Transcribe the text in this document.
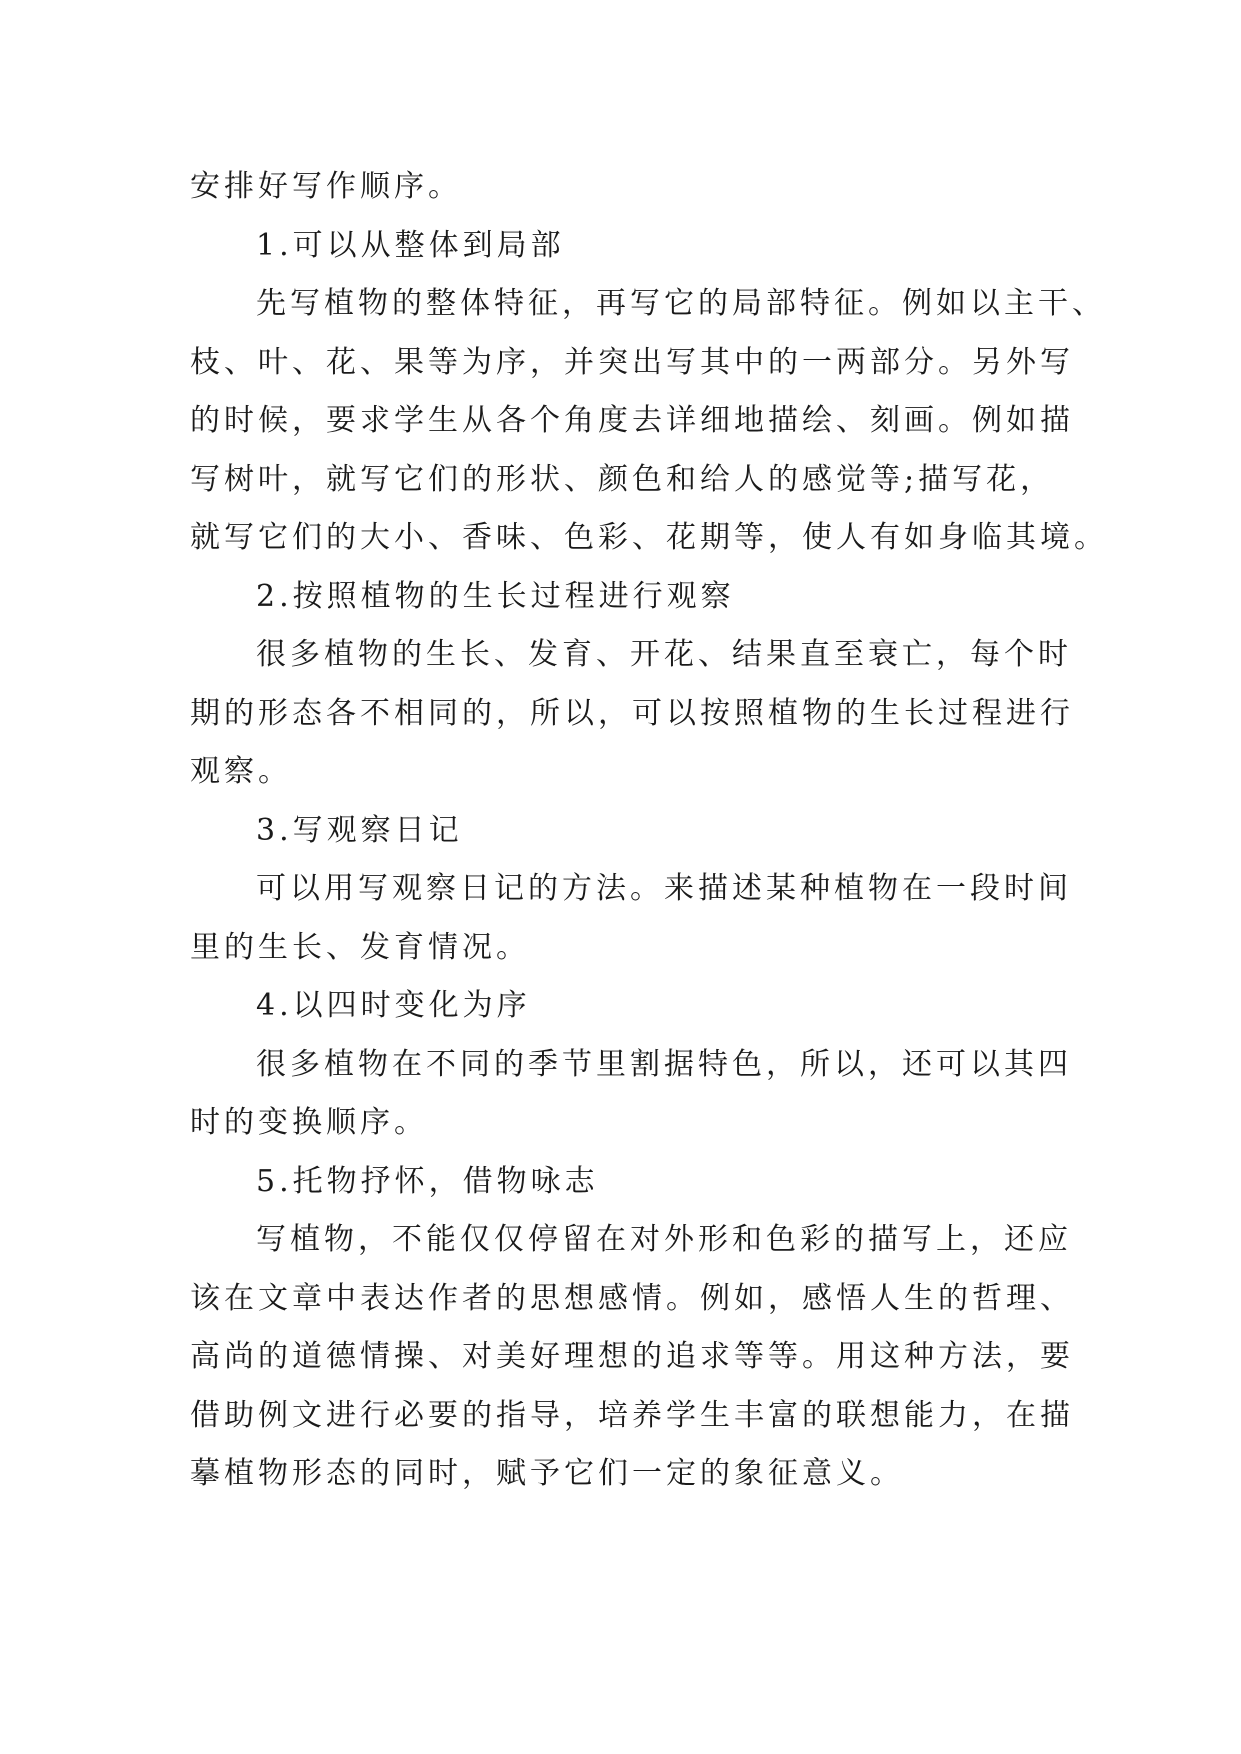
安排好写作顺序。
1.可以从整体到局部
先写植物的整体特征，再写它的局部特征。例如以主干、
枝、叶、花、果等为序，并突出写其中的一两部分。另外写
的时候，要求学生从各个角度去详细地描绘、刻画。例如描
写树叶，就写它们的形状、颜色和给人的感觉等;描写花，
就写它们的大小、香味、色彩、花期等，使人有如身临其境。
2.按照植物的生长过程进行观察
很多植物的生长、发育、开花、结果直至衰亡，每个时
期的形态各不相同的，所以，可以按照植物的生长过程进行
观察。
3.写观察日记
可以用写观察日记的方法。来描述某种植物在一段时间
里的生长、发育情况。
4.以四时变化为序
很多植物在不同的季节里割据特色，所以，还可以其四
时的变换顺序。
5.托物抒怀，借物咏志
写植物，不能仅仅停留在对外形和色彩的描写上，还应
该在文章中表达作者的思想感情。例如，感悟人生的哲理、
高尚的道德情操、对美好理想的追求等等。用这种方法，要
借助例文进行必要的指导，培养学生丰富的联想能力，在描
摹植物形态的同时，赋予它们一定的象征意义。
